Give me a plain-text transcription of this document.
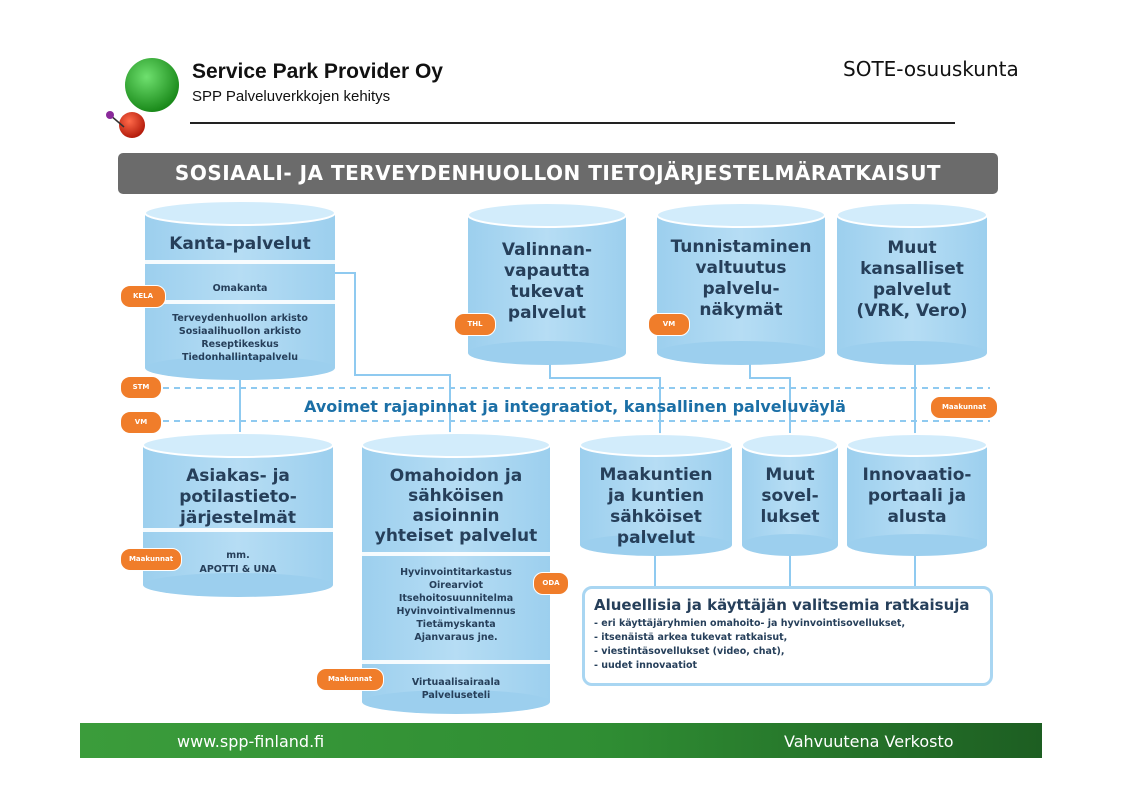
Service Park Provider Oy
SPP Palveluverkkojen kehitys
SOTE-osuuskunta
SOSIAALI- JA TERVEYDENHUOLLON TIETOJÄRJESTELMÄRATKAISUT
Kanta-palvelut
Omakanta
Terveydenhuollon arkisto
Sosiaalihuollon arkisto
Reseptikeskus
Tiedonhallintapalvelu
Valinnan-
vapautta
tukevat
palvelut
Tunnistaminen
valtuutus
palvelu-
näkymät
Muut
kansalliset
palvelut
(VRK, Vero)
KELA
THL	VM
STM
VM
Maakunnat
Maakunnat
ODA
Maakunnat
Avoimet rajapinnat ja integraatiot, kansallinen palveluväylä
Asiakas- ja
potilastieto-
järjestelmät
mm.
APOTTI & UNA
Omahoidon ja
sähköisen
asioinnin
yhteiset palvelut
Hyvinvointitarkastus
Oirearviot
Itsehoitosuunnitelma
Hyvinvointivalmennus
Tietämyskanta
Ajanvaraus jne.
Virtuaalisairaala
Palveluseteli
Maakuntien
ja kuntien
sähköiset
palvelut
Muut
sovel-
lukset
Innovaatio-
portaali ja
alusta
Alueellisia ja käyttäjän valitsemia ratkaisuja
- eri käyttäjäryhmien omahoito- ja hyvinvointisovellukset,
- itsenäistä arkea tukevat ratkaisut,
- viestintäsovellukset (video, chat),
- uudet innovaatiot
www.spp-finland.fi	Vahvuutena Verkosto
